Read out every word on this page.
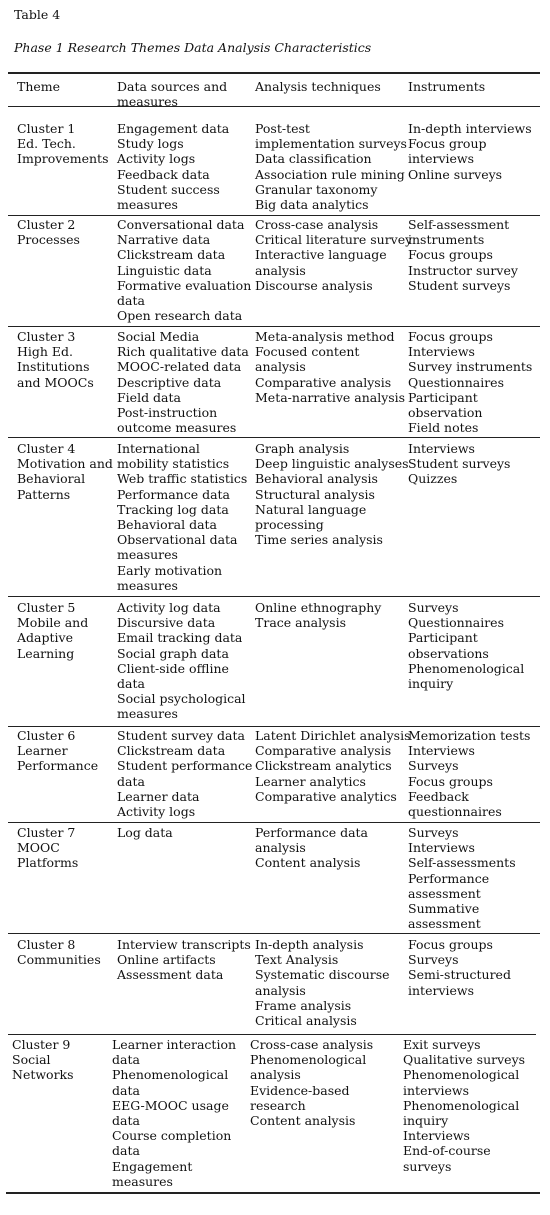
Table 4
Phase 1 Research Themes Data Analysis Characteristics
Theme	Data sources and
measures
Analysis techniques Instruments
Cluster 1
Ed. Tech.
Improvements
Engagement data
Study logs
Activity logs
Feedback data
Student success
measures
Post-test
implementation surveys
Data classification
Association rule mining
Granular taxonomy
Big data analytics
In-depth interviews
Focus group
interviews
Online surveys
Cluster 2
Processes
Conversational data
Narrative data
Clickstream data
Linguistic data
Formative evaluation
data
Open research data
Cross-case analysis
Critical literature survey
Interactive language
analysis
Discourse analysis
Self-assessment
instruments
Focus groups
Instructor survey
Student surveys
Cluster 3
High Ed.
Institutions
and MOOCs
Social Media
Rich qualitative data
MOOC-related data
Descriptive data
Field data
Post-instruction
outcome measures
Meta-analysis method
Focused content
analysis
Comparative analysis
Meta-narrative analysis
Focus groups
Interviews
Survey instruments
Questionnaires
Participant
observation
Field notes
Cluster 4
Motivation and
Behavioral
Patterns
International
mobility statistics
Web traffic statistics
Performance data
Tracking log data
Behavioral data
Observational data
measures
Early motivation
measures
Graph analysis
Deep linguistic analyses
Behavioral analysis
Structural analysis
Natural language
processing
Time series analysis
Interviews
Student surveys
Quizzes
Cluster 5
Mobile and
Adaptive
Learning
Activity log data
Discursive data
Email tracking data
Social graph data
Client-side offline
data
Social psychological
measures
Online ethnography
Trace analysis
Surveys
Questionnaires
Participant
observations
Phenomenological
inquiry
Cluster 6
Learner
Performance
Student survey data
Clickstream data
Student performance
data
Learner data
Activity logs
Latent Dirichlet analysis
Comparative analysis
Clickstream analytics
Learner analytics
Comparative analytics
Memorization tests
Interviews
Surveys
Focus groups
Feedback
questionnaires
Cluster 7
MOOC
Platforms
Log data	Performance data
analysis
Content analysis
Surveys
Interviews
Self-assessments
Performance
assessment
Summative
assessment
Cluster 8
Communities
Interview transcripts
Online artifacts
Assessment data
In-depth analysis
Text Analysis
Systematic discourse
analysis
Frame analysis
Critical analysis
Focus groups
Surveys
Semi-structured
interviews
Cluster 9
Social
Networks
Learner interaction
data
Phenomenological
data
EEG-MOOC usage
data
Course completion
data
Engagement
measures
Cross-case analysis
Phenomenological
analysis
Evidence-based
research
Content analysis
Exit surveys
Qualitative surveys
Phenomenological
interviews
Phenomenological
inquiry
Interviews
End-of-course
surveys
